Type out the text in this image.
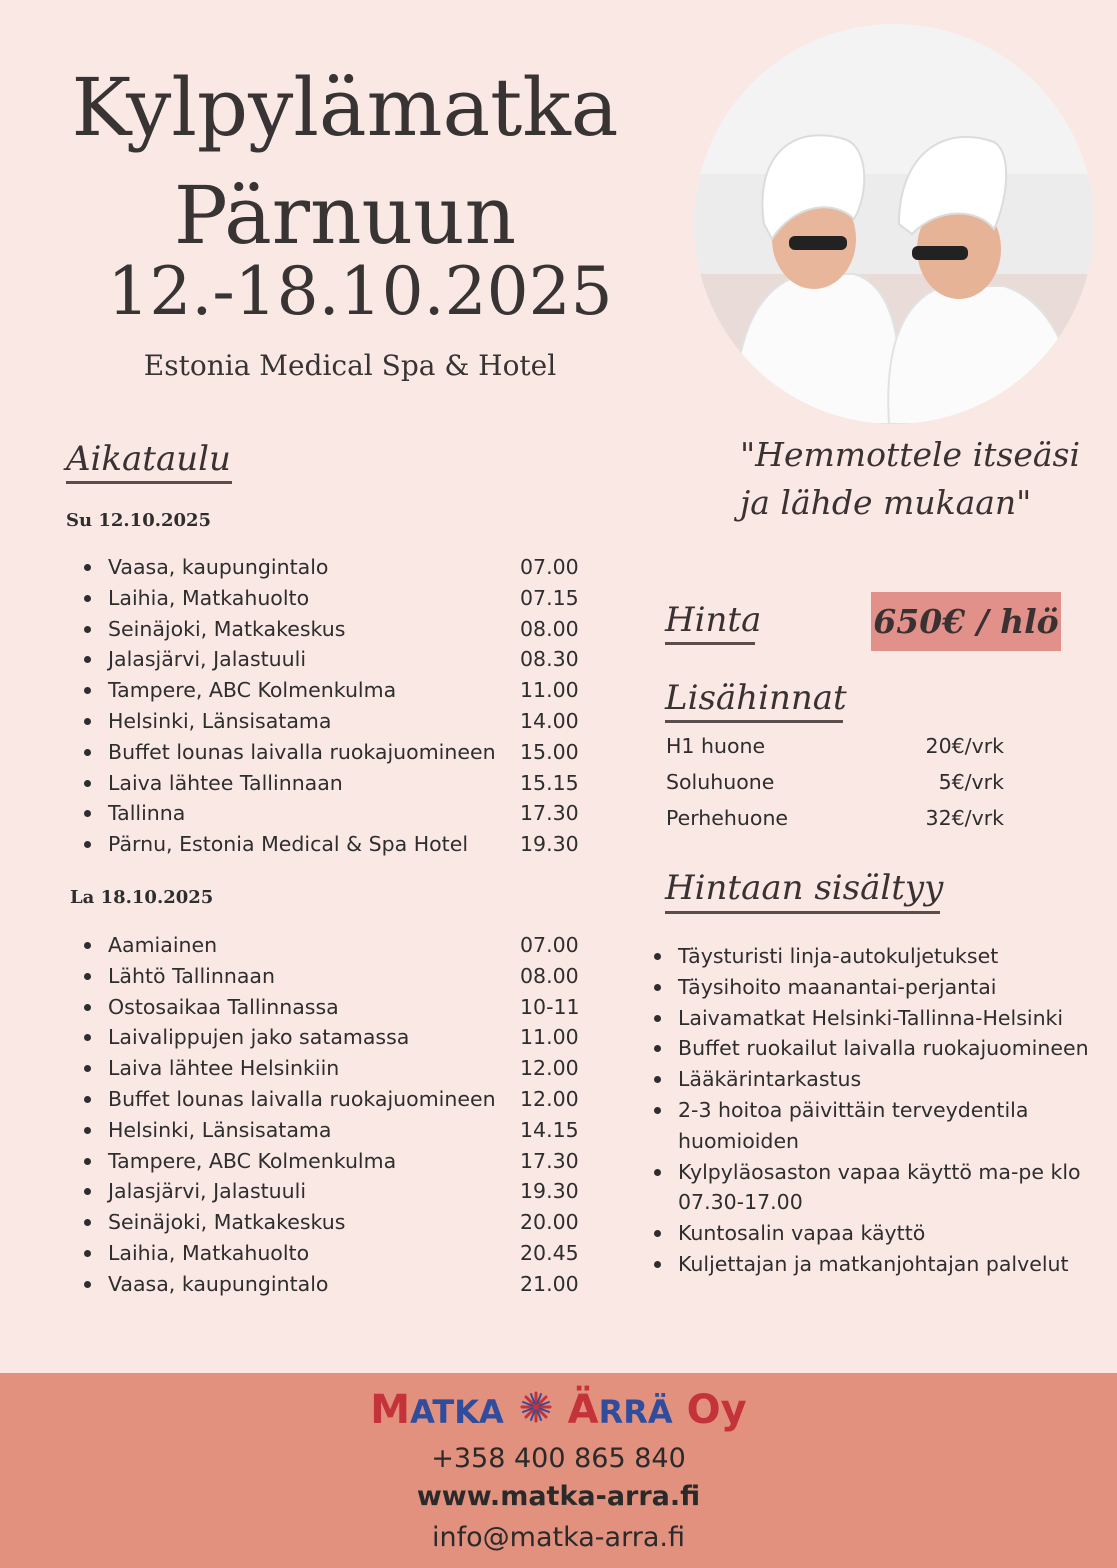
Kylpylämatka
Pärnuun
12.-18.10.2025
Estonia Medical Spa & Hotel
"Hemmottele itseäsi
ja lähde mukaan"
Aikataulu
Su 12.10.2025
Vaasa, kaupungintalo	07.00
Laihia, Matkahuolto	07.15
Seinäjoki, Matkakeskus	08.00
Jalasjärvi, Jalastuuli	08.30
Tampere, ABC Kolmenkulma	11.00
Helsinki, Länsisatama	14.00
Buffet lounas laivalla ruokajuomineen 15.00
Laiva lähtee Tallinnaan	15.15
Tallinna	17.30
Pärnu, Estonia Medical & Spa Hotel	19.30
La 18.10.2025
Aamiainen	07.00
Lähtö Tallinnaan	08.00
Ostosaikaa Tallinnassa	10-11
Laivalippujen jako satamassa	11.00
Laiva lähtee Helsinkiin	12.00
Buffet lounas laivalla ruokajuomineen 12.00
Helsinki, Länsisatama	14.15
Tampere, ABC Kolmenkulma	17.30
Jalasjärvi, Jalastuuli	19.30
Seinäjoki, Matkakeskus	20.00
Laihia, Matkahuolto	20.45
Vaasa, kaupungintalo	21.00
Hinta	650€ / hlö
Lisähinnat
H1 huone	20€/vrk
Soluhuone	5€/vrk
Perhehuone	32€/vrk
Hintaan sisältyy
Täysturisti linja-autokuljetukset
Täysihoito maanantai-perjantai
Laivamatkat Helsinki-Tallinna-Helsinki
Buffet ruokailut laivalla ruokajuomineen
Lääkärintarkastus
2-3 hoitoa päivittäin terveydentila huomioiden
Kylpyläosaston vapaa käyttö ma-pe klo 07.30-17.00
Kuntosalin vapaa käyttö
Kuljettajan ja matkanjohtajan palvelut
MATKA ÄRRÄ Oy
+358 400 865 840
www.matka-arra.fi
info@matka-arra.fi
